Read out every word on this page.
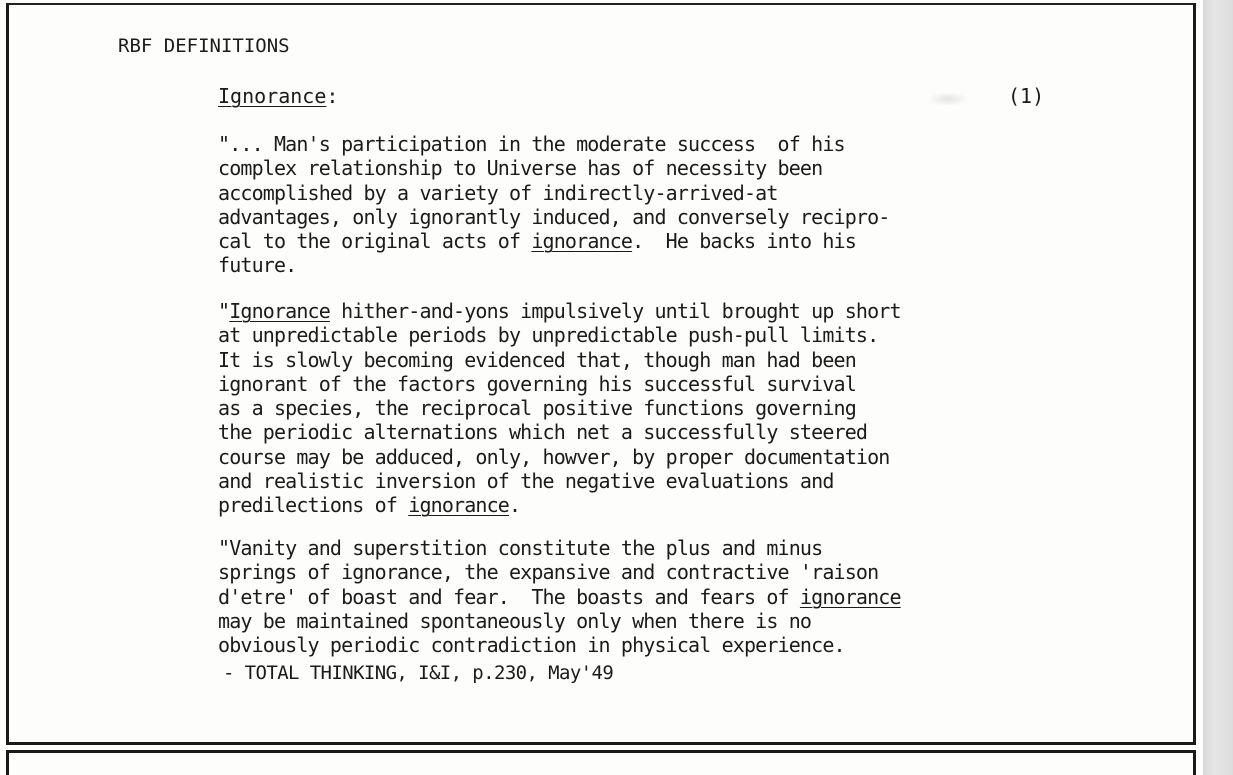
RBF DEFINITIONS
Ignorance:	(1)
"... Man's participation in the moderate success  of his
complex relationship to Universe has of necessity been
accomplished by a variety of indirectly-arrived-at
advantages, only ignorantly induced, and conversely recipro-
cal to the original acts of ignorance.  He backs into his
future.
"Ignorance hither-and-yons impulsively until brought up short
at unpredictable periods by unpredictable push-pull limits.
It is slowly becoming evidenced that, though man had been
ignorant of the factors governing his successful survival
as a species, the reciprocal positive functions governing
the periodic alternations which net a successfully steered
course may be adduced, only, howver, by proper documentation
and realistic inversion of the negative evaluations and
predilections of ignorance.
"Vanity and superstition constitute the plus and minus
springs of ignorance, the expansive and contractive 'raison
d'etre' of boast and fear.  The boasts and fears of ignorance
may be maintained spontaneously only when there is no
obviously periodic contradiction in physical experience.
- TOTAL THINKING, I&I, p.230, May'49
